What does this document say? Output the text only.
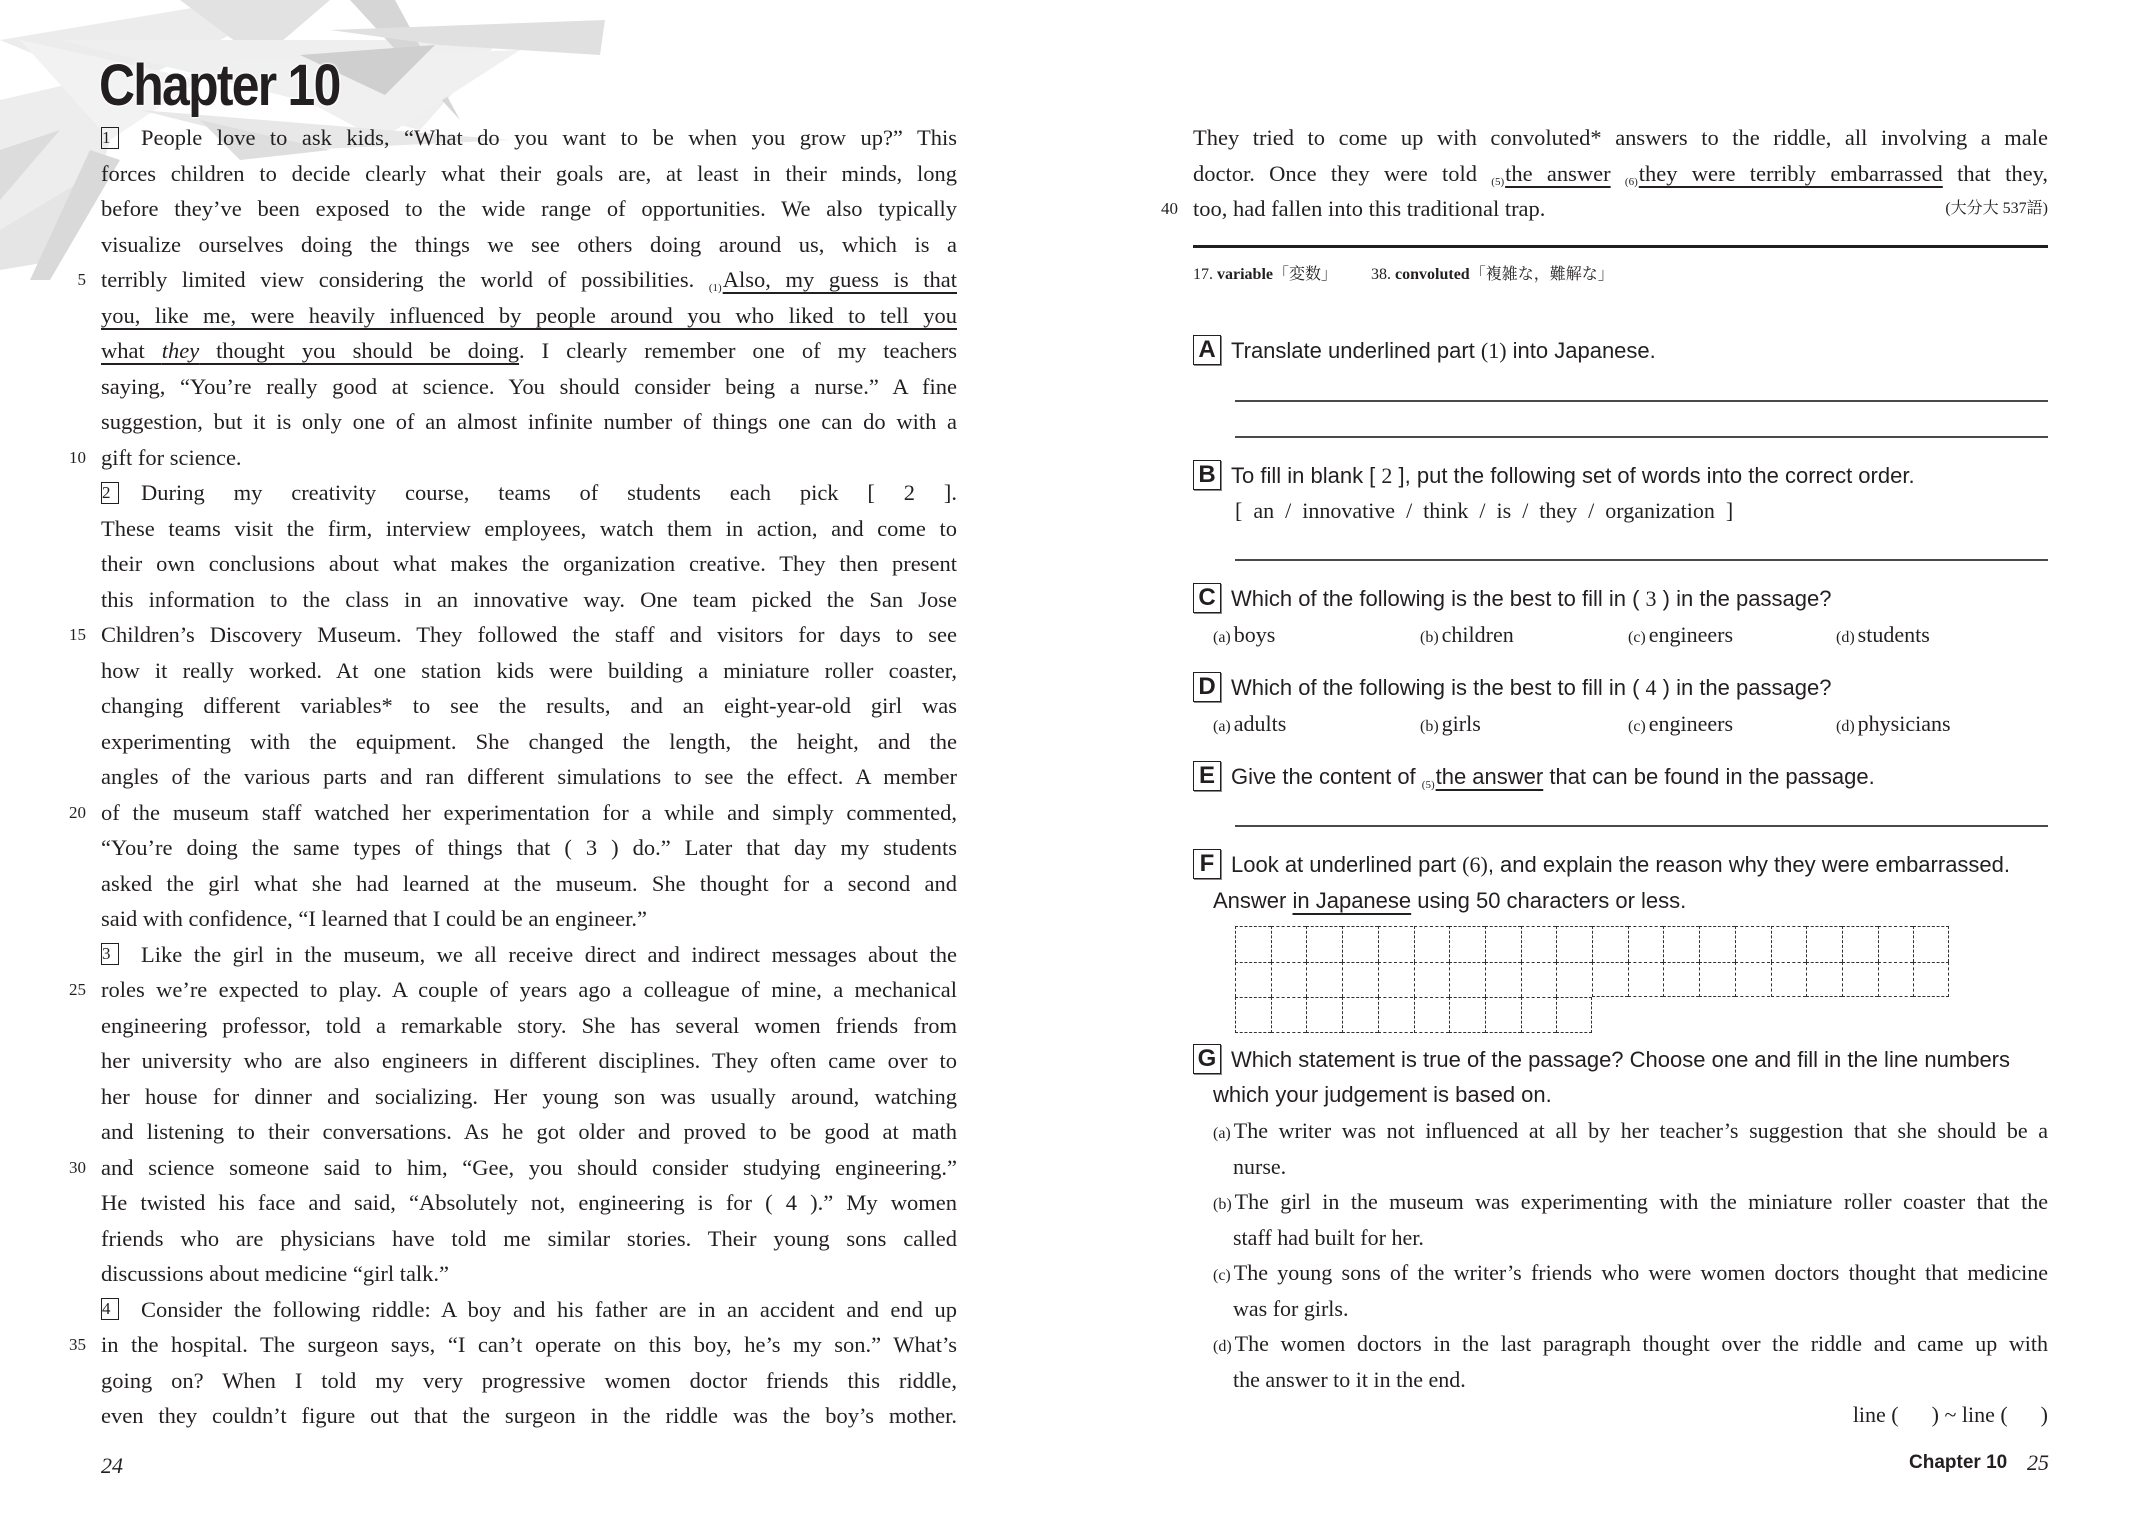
Chapter 10
1 People love to ask kids, “What do you want to be when you grow up?” This
forces children to decide clearly what their goals are, at least in their minds, long
before they’ve been exposed to the wide range of opportunities. We also typically
visualize ourselves doing the things we see others doing around us, which is a
terribly limited view considering the world of possibilities. $_{(1)}$Also, my guess is that
5
you, like me, were heavily influenced by people around you who liked to tell you
what they thought you should be doing. I clearly remember one of my teachers
saying, “You’re really good at science. You should consider being a nurse.” A fine
suggestion, but it is only one of an almost infinite number of things one can do with a
gift for science.
10
2 During my creativity course, teams of students each pick [ 2 ].
These teams visit the firm, interview employees, watch them in action, and come to
their own conclusions about what makes the organization creative. They then present
this information to the class in an innovative way. One team picked the San Jose
Children’s Discovery Museum. They followed the staff and visitors for days to see
15
how it really worked. At one station kids were building a miniature roller coaster,
changing different variables* to see the results, and an eight-year-old girl was
experimenting with the equipment. She changed the length, the height, and the
angles of the various parts and ran different simulations to see the effect. A member
of the museum staff watched her experimentation for a while and simply commented,
20
“You’re doing the same types of things that ( 3 ) do.” Later that day my students
asked the girl what she had learned at the museum. She thought for a second and
said with confidence, “I learned that I could be an engineer.”
3 Like the girl in the museum, we all receive direct and indirect messages about the
roles we’re expected to play. A couple of years ago a colleague of mine, a mechanical
25
engineering professor, told a remarkable story. She has several women friends from
her university who are also engineers in different disciplines. They often came over to
her house for dinner and socializing. Her young son was usually around, watching
and listening to their conversations. As he got older and proved to be good at math
and science someone said to him, “Gee, you should consider studying engineering.”
30
He twisted his face and said, “Absolutely not, engineering is for ( 4 ).” My women
friends who are physicians have told me similar stories. Their young sons called
discussions about medicine “girl talk.”
4 Consider the following riddle: A boy and his father are in an accident and end up
in the hospital. The surgeon says, “I can’t operate on this boy, he’s my son.” What’s
35
going on? When I told my very progressive women doctor friends this riddle,
even they couldn’t figure out that the surgeon in the riddle was the boy’s mother.
24
They tried to come up with convoluted* answers to the riddle, all involving a male
doctor. Once they were told $_{(5)}$the answer $_{(6)}$they were terribly embarrassed that they,
too, had fallen into this traditional trap.	(大分大 537語)
40
17. variable「変数」 38. convoluted「複雑な，難解な」
A Translate underlined part (1) into Japanese.
B To fill in blank [ 2 ], put the following set of words into the correct order.
[  an  /  innovative  /  think  /  is  /  they  /  organization  ]
C Which of the following is the best to fill in ( 3 ) in the passage?
(a) boys	(b) children	(c) engineers	(d) students
D Which of the following is the best to fill in ( 4 ) in the passage?
(a) adults	(b) girls	(c) engineers	(d) physicians
E Give the content of $_{(5)}$the answer that can be found in the passage.
F Look at underlined part (6), and explain the reason why they were embarrassed.
Answer in Japanese using 50 characters or less.
G Which statement is true of the passage? Choose one and fill in the line numbers
which your judgement is based on.
(a) The writer was not influenced at all by her teacher’s suggestion that she should be a
nurse.
(b) The girl in the museum was experimenting with the miniature roller coaster that the
staff had built for her.
(c) The young sons of the writer’s friends who were women doctors thought that medicine
was for girls.
(d) The women doctors in the last paragraph thought over the riddle and came up with
the answer to it in the end.
line (      ) ~ line (      )
Chapter 10 25
